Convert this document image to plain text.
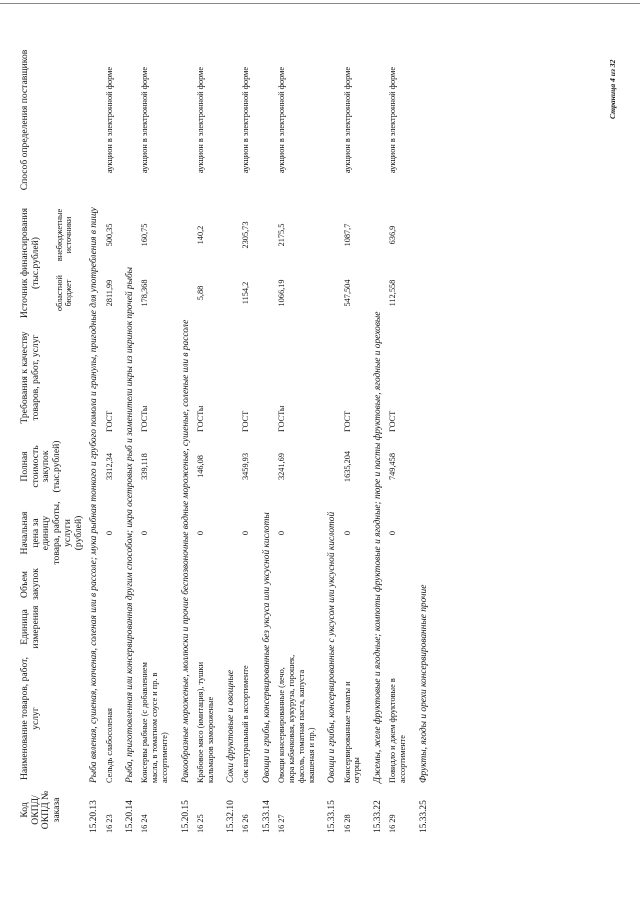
Код ОКПД/ ОКПД № заказа	Наименование товаров, работ, услуг	Единица измерения	Объем закупок	Начальная цена за единицу товара, работы, услуги (рублей)	Полная стоимость закупок (тыс.рублей)	Требования к качеству товаров, работ, услуг	Источник финансирования (тыс.рублей)		Способ определения поставщиков
							областной бюджет	внебюджетные источники	
15.20.13	Рыба вяленая, сушеная, копченая, соленая или в рассоле; мука рыбная тонкого и грубого помола и гранулы, пригодные для употребления в пищу								
16 23	Сельдь слабосоленая			0	3312,34	ГОСТ	2811,99	500,35	аукцион в электронной форме
15.20.14	Рыба, приготовленная или консервированная другим способом; икра осетровых рыб и заменители икры из икринок прочей рыбы								
16 24	Консервы рыбные (с добавлением масла, в томатном соусе и пр. в ассортименте)			0	339,118	ГОСТы	178,368	160,75	аукцион в электронной форме
15.20.15	Ракообразные мороженые, моллюски и прочие беспозвоночные водные мороженые, сушеные, соленые или в рассоле								
16 25	Крабовое мясо (имитация), тушки кальмаров замороженые			0	146,08	ГОСТы	5,88	140,2	аукцион в электронной форме
15.32.10	Соки фруктовые и овощные								
16 26	Сок натуральный в ассортименте			0	3459,93	ГОСТ	1154,2	2305,73	аукцион в электронной форме
15.33.14	Овощи и грибы, консервированные без уксуса или уксусной кислоты								
16 27	Овощи консервированные (лечо, икра кабачковая, кукуруза, горошек, фасоль, томатная паста, капуста квашеная и пр.)			0	3241,69	ГОСТы	1066,19	2175,5	аукцион в электронной форме
15.33.15	Овощи и грибы, консервированные с уксусом или уксусной кислотой								
16 28	Консервированные томаты и огурцы			0	1635,204	ГОСТ	547,504	1087,7	аукцион в электронной форме
15.33.22	Джемы, желе фруктовые и ягодные; компоты фруктовые и ягодные; пюре и пасты фруктовые, ягодные и ореховые								
16 29	Повидло и джем фруктовые в ассортименте			0	749,458	ГОСТ	112,558	636,9	аукцион в электронной форме
15.33.25	Фрукты, ягоды и орехи консервированные прочие								
Страница 4 из 32
